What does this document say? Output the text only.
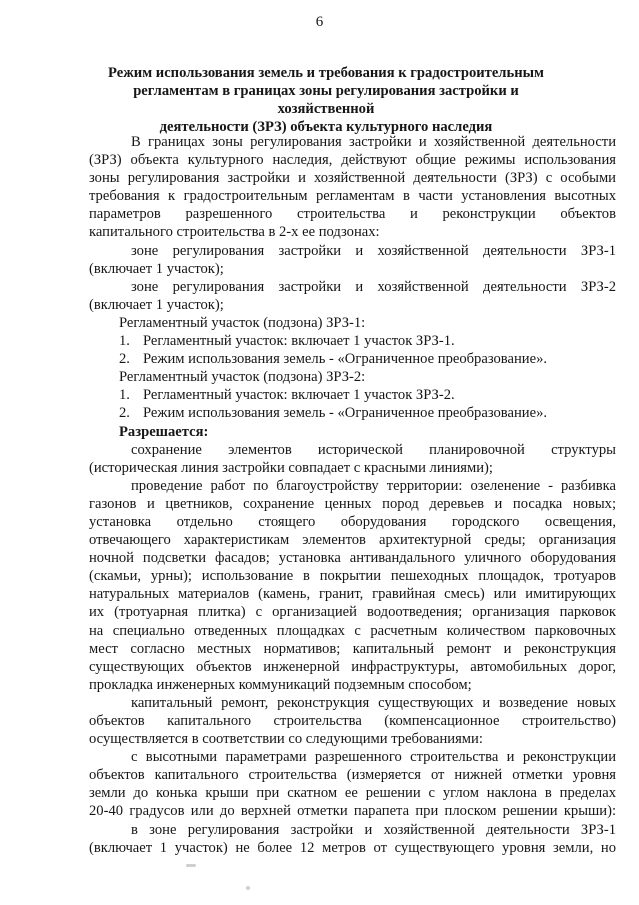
6
Режим использования земель и требования к градостроительным
регламентам в границах зоны регулирования застройки и хозяйственной
деятельности (ЗРЗ) объекта культурного наследия
В границах зоны регулирования застройки и хозяйственной деятельности
(ЗРЗ) объекта культурного наследия, действуют общие режимы использования
зоны регулирования застройки и хозяйственной деятельности (ЗРЗ) с особыми
требования к градостроительным регламентам в части установления высотных
параметров разрешенного строительства и реконструкции объектов
капитального строительства в 2-х ее подзонах:
зоне регулирования застройки и хозяйственной деятельности ЗРЗ-1
(включает 1 участок);
зоне регулирования застройки и хозяйственной деятельности ЗРЗ-2
(включает 1 участок);
Регламентный участок (подзона) ЗРЗ-1:
1. Регламентный участок: включает 1 участок ЗРЗ-1.
2. Режим использования земель - «Ограниченное преобразование».
Регламентный участок (подзона) ЗРЗ-2:
1. Регламентный участок: включает 1 участок ЗРЗ-2.
2. Режим использования земель - «Ограниченное преобразование».
Разрешается:
сохранение элементов исторической планировочной структуры
(историческая линия застройки совпадает с красными линиями);
проведение работ по благоустройству территории: озеленение - разбивка
газонов и цветников, сохранение ценных пород деревьев и посадка новых;
установка отдельно стоящего оборудования городского освещения,
отвечающего характеристикам элементов архитектурной среды; организация
ночной подсветки фасадов; установка антивандального уличного оборудования
(скамьи, урны); использование в покрытии пешеходных площадок, тротуаров
натуральных материалов (камень, гранит, гравийная смесь) или имитирующих
их (тротуарная плитка) с организацией водоотведения; организация парковок
на специально отведенных площадках с расчетным количеством парковочных
мест согласно местных нормативов; капитальный ремонт и реконструкция
существующих объектов инженерной инфраструктуры, автомобильных дорог,
прокладка инженерных коммуникаций подземным способом;
капитальный ремонт, реконструкция существующих и возведение новых
объектов капитального строительства (компенсационное строительство)
осуществляется в соответствии со следующими требованиями:
с высотными параметрами разрешенного строительства и реконструкции
объектов капитального строительства (измеряется от нижней отметки уровня
земли до конька крыши при скатном ее решении с углом наклона в пределах
20-40 градусов или до верхней отметки парапета при плоском решении крыши):
в зоне регулирования застройки и хозяйственной деятельности ЗРЗ-1
(включает 1 участок) не более 12 метров от существующего уровня земли, но
